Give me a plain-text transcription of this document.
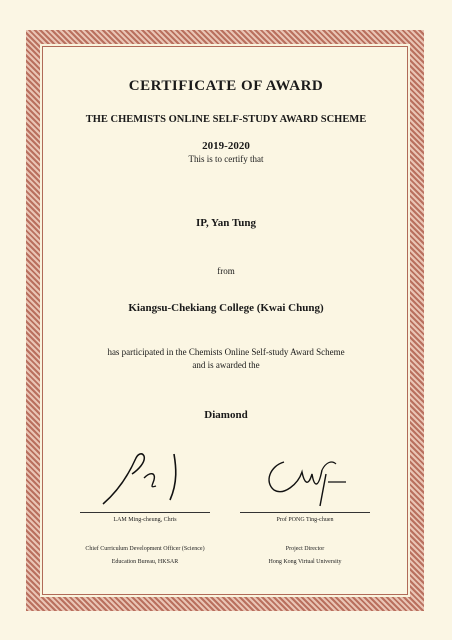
CERTIFICATE OF AWARD
THE CHEMISTS ONLINE SELF-STUDY AWARD SCHEME
2019-2020
This is to certify that
IP, Yan Tung
from
Kiangsu-Chekiang College (Kwai Chung)
has participated in the Chemists Online Self-study Award Scheme
and is awarded the
Diamond
LAM Ming-cheung, Chris
Chief Curriculum Development Officer (Science)
Education Bureau, HKSAR
Prof PONG Ting-chuen
Project Director
Hong Kong Virtual University
